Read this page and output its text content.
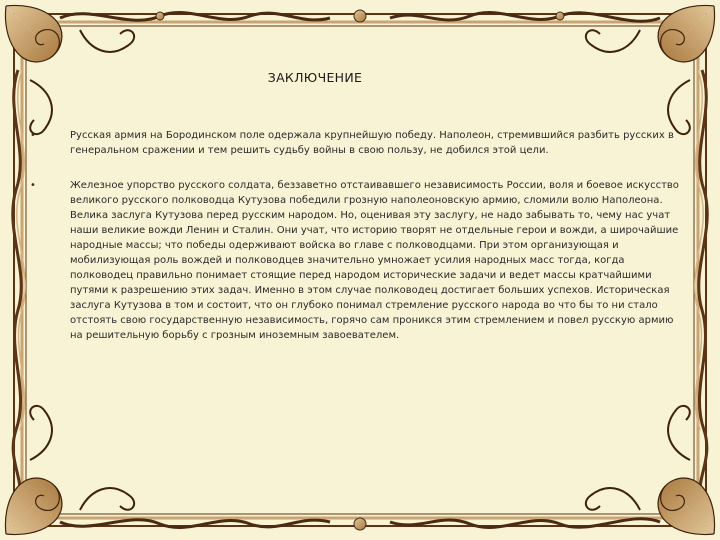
ЗАКЛЮЧЕНИЕ
•	Русская армия на Бородинском поле одержала крупнейшую победу. Наполеон, стремившийся разбить русских в генеральном сражении и тем решить судьбу войны в свою пользу, не добился этой цели.
•	Железное упорство русского солдата, беззаветно отстаивавшего независимость России, воля и боевое искусство великого русского полководца Кутузова победили грозную наполеоновскую армию, сломили волю Наполеона. Велика заслуга Кутузова перед русским народом. Но, оценивая эту заслугу, не надо забывать то, чему нас учат наши великие вожди Ленин и Сталин. Они учат, что историю творят не отдельные герои и вожди, а широчайшие народные массы; что победы одерживают войска во главе с полководцами. При этом организующая и мобилизующая роль вождей и полководцев значительно умножает усилия народных масс тогда, когда полководец правильно понимает стоящие перед народом исторические задачи и ведет массы кратчайшими путями к разрешению этих задач. Именно в этом случае полководец достигает больших успехов. Историческая заслуга Кутузова в том и состоит, что он глубоко понимал стремление русского народа во что бы то ни стало отстоять свою государственную независимость, горячо сам проникся этим стремлением и повел русскую армию на решительную борьбу с грозным иноземным завоевателем.
